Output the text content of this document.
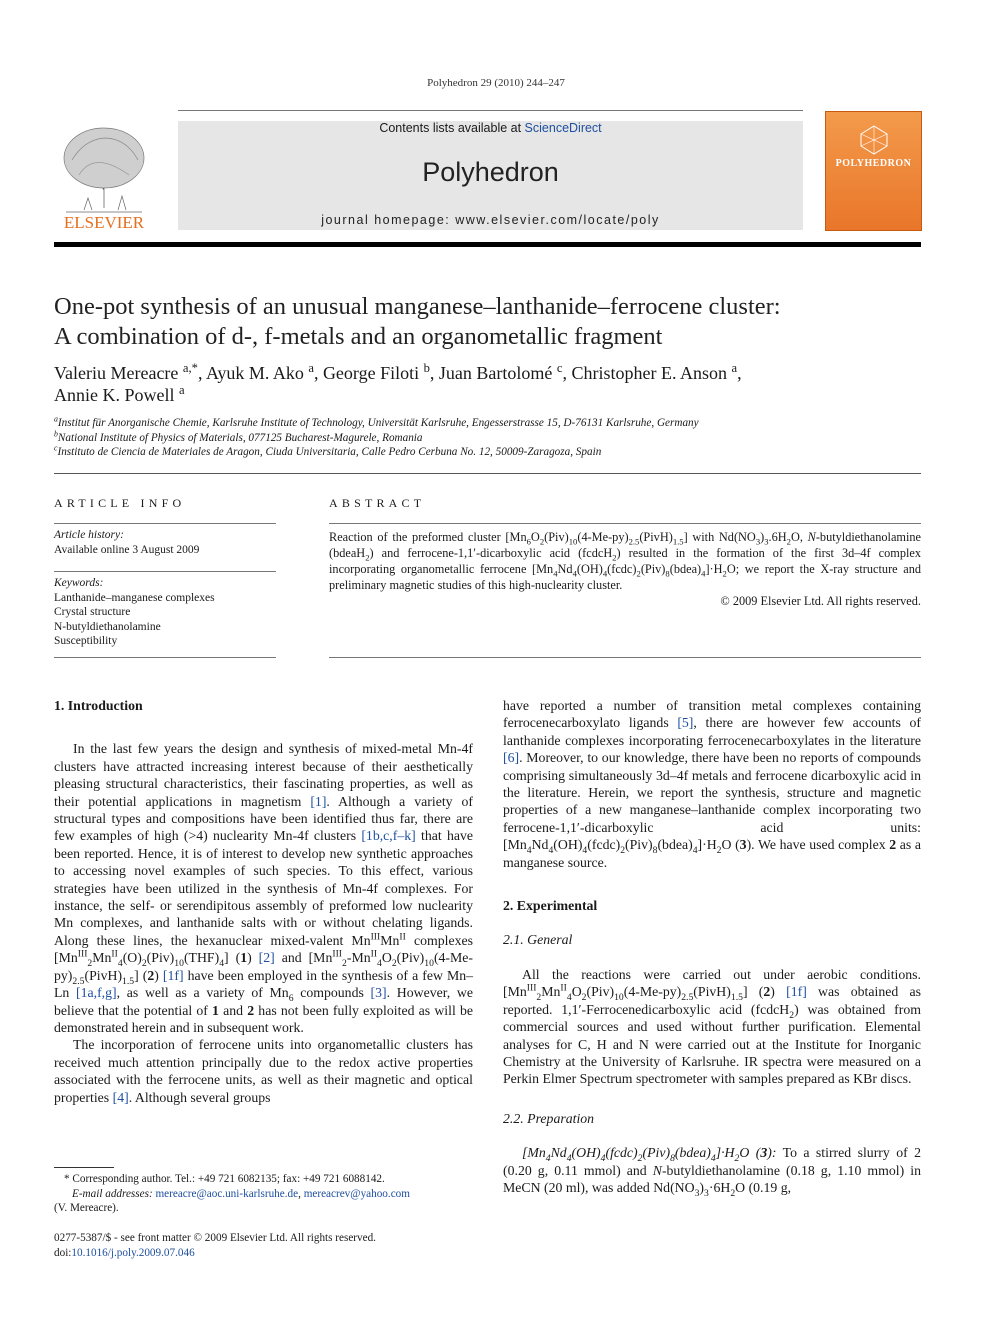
Polyhedron 29 (2010) 244–247
ELSEVIER
Contents lists available at ScienceDirect
Polyhedron
journal homepage: www.elsevier.com/locate/poly
POLYHEDRON
One-pot synthesis of an unusual manganese–lanthanide–ferrocene cluster:
A combination of d-, f-metals and an organometallic fragment
Valeriu Mereacre $^{a,*}$, Ayuk M. Ako $^a$, George Filoti $^b$, Juan Bartolomé $^c$, Christopher E. Anson $^a$,
Annie K. Powell $^a$
$^a$Institut für Anorganische Chemie, Karlsruhe Institute of Technology, Universität Karlsruhe, Engesserstrasse 15, D-76131 Karlsruhe, Germany
$^b$National Institute of Physics of Materials, 077125 Bucharest-Magurele, Romania
$^c$Instituto de Ciencia de Materiales de Aragon, Ciuda Universitaria, Calle Pedro Cerbuna No. 12, 50009-Zaragoza, Spain
ARTICLE INFO	ABSTRACT
Article history:
Available online 3 August 2009
Keywords:
Lanthanide–manganese complexes
Crystal structure
N-butyldiethanolamine
Susceptibility
Reaction of the preformed cluster $[Mn_6O_2(Piv)_{10}(4-Me-py)_{2.5}(PivH)_{1.5}]$ with $Nd(NO_3)_3.6H_2O$, N-butyldiethanolamine (bdeaH$_2$) and ferrocene-1,1′-dicarboxylic acid (fcdcH$_2$) resulted in the formation of the first 3d–4f complex incorporating organometallic ferrocene $[Mn_4Nd_4(OH)_4(fcdc)_2(Piv)_8(bdea)_4]\cdot H_2O$; we report the X-ray structure and preliminary magnetic studies of this high-nuclearity cluster.
© 2009 Elsevier Ltd. All rights reserved.
1. Introduction

In the last few years the design and synthesis of mixed-metal Mn-4f clusters have attracted increasing interest because of their aesthetically pleasing structural characteristics, their fascinating properties, as well as their potential applications in magnetism [1]. Although a variety of structural types and compositions have been identified thus far, there are few examples of high (>4) nuclearity Mn-4f clusters [1b,c,f–k] that have been reported. Hence, it is of interest to develop new synthetic approaches to accessing novel examples of such species. To this effect, various strategies have been utilized in the synthesis of Mn-4f complexes. For instance, the self- or serendipitous assembly of preformed low nuclearity Mn complexes, and lanthanide salts with or without chelating ligands. Along these lines, the hexanuclear mixed-valent $Mn^{III}Mn^{II}$ complexes $[Mn^{III}_2Mn^{II}_4(O)_2(Piv)_{10}(THF)_4]$ (1) [2] and $[Mn^{III}_2-Mn^{II}_4O_2(Piv)_{10}(4-Me-py)_{2.5}(PivH)_{1.5}]$ (2) [1f] have been employed in the synthesis of a few Mn–Ln [1a,f,g], as well as a variety of $Mn_6$ compounds [3]. However, we believe that the potential of 1 and 2 has not been fully exploited as will be demonstrated herein and in subsequent work.

The incorporation of ferrocene units into organometallic clusters has received much attention principally due to the redox active properties associated with the ferrocene units, as well as their magnetic and optical properties [4]. Although several groups

have reported a number of transition metal complexes containing ferrocenecarboxylato ligands [5], there are however few accounts of lanthanide complexes incorporating ferrocenecarboxylates in the literature [6]. Moreover, to our knowledge, there have been no reports of compounds comprising simultaneously 3d–4f metals and ferrocene dicarboxylic acid in the literature. Herein, we report the synthesis, structure and magnetic properties of a new manganese–lanthanide complex incorporating two ferrocene-1,1′-dicarboxylic acid units: $[Mn_4Nd_4(OH)_4(fcdc)_2(Piv)_8(bdea)_4]\cdot H_2O$ (3). We have used complex 2 as a manganese source.

2. Experimental
2.1. General

All the reactions were carried out under aerobic conditions. $[Mn^{III}_2Mn^{II}_4O_2(Piv)_{10}(4-Me-py)_{2.5}(PivH)_{1.5}]$ (2) [1f] was obtained as reported. 1,1′-Ferrocenedicarboxylic acid (fcdcH$_2$) was obtained from commercial sources and used without further purification. Elemental analyses for C, H and N were carried out at the Institute for Inorganic Chemistry at the University of Karlsruhe. IR spectra were measured on a Perkin Elmer Spectrum spectrometer with samples prepared as KBr discs.

2.2. Preparation

$[Mn_4Nd_4(OH)_4(fcdc)_2(Piv)_8(bdea)_4]\cdot H_2O$ (3): To a stirred slurry of 2 (0.20 g, 0.11 mmol) and N-butyldiethanolamine (0.18 g, 1.10 mmol) in MeCN (20 ml), was added $Nd(NO_3)_3\cdot 6H_2O$ (0.19 g,

* Corresponding author. Tel.: +49 721 6082135; fax: +49 721 6088142.
E-mail addresses: mereacre@aoc.uni-karlsruhe.de, mereacrev@yahoo.com
(V. Mereacre).
0277-5387/$ - see front matter © 2009 Elsevier Ltd. All rights reserved.
doi:10.1016/j.poly.2009.07.046
